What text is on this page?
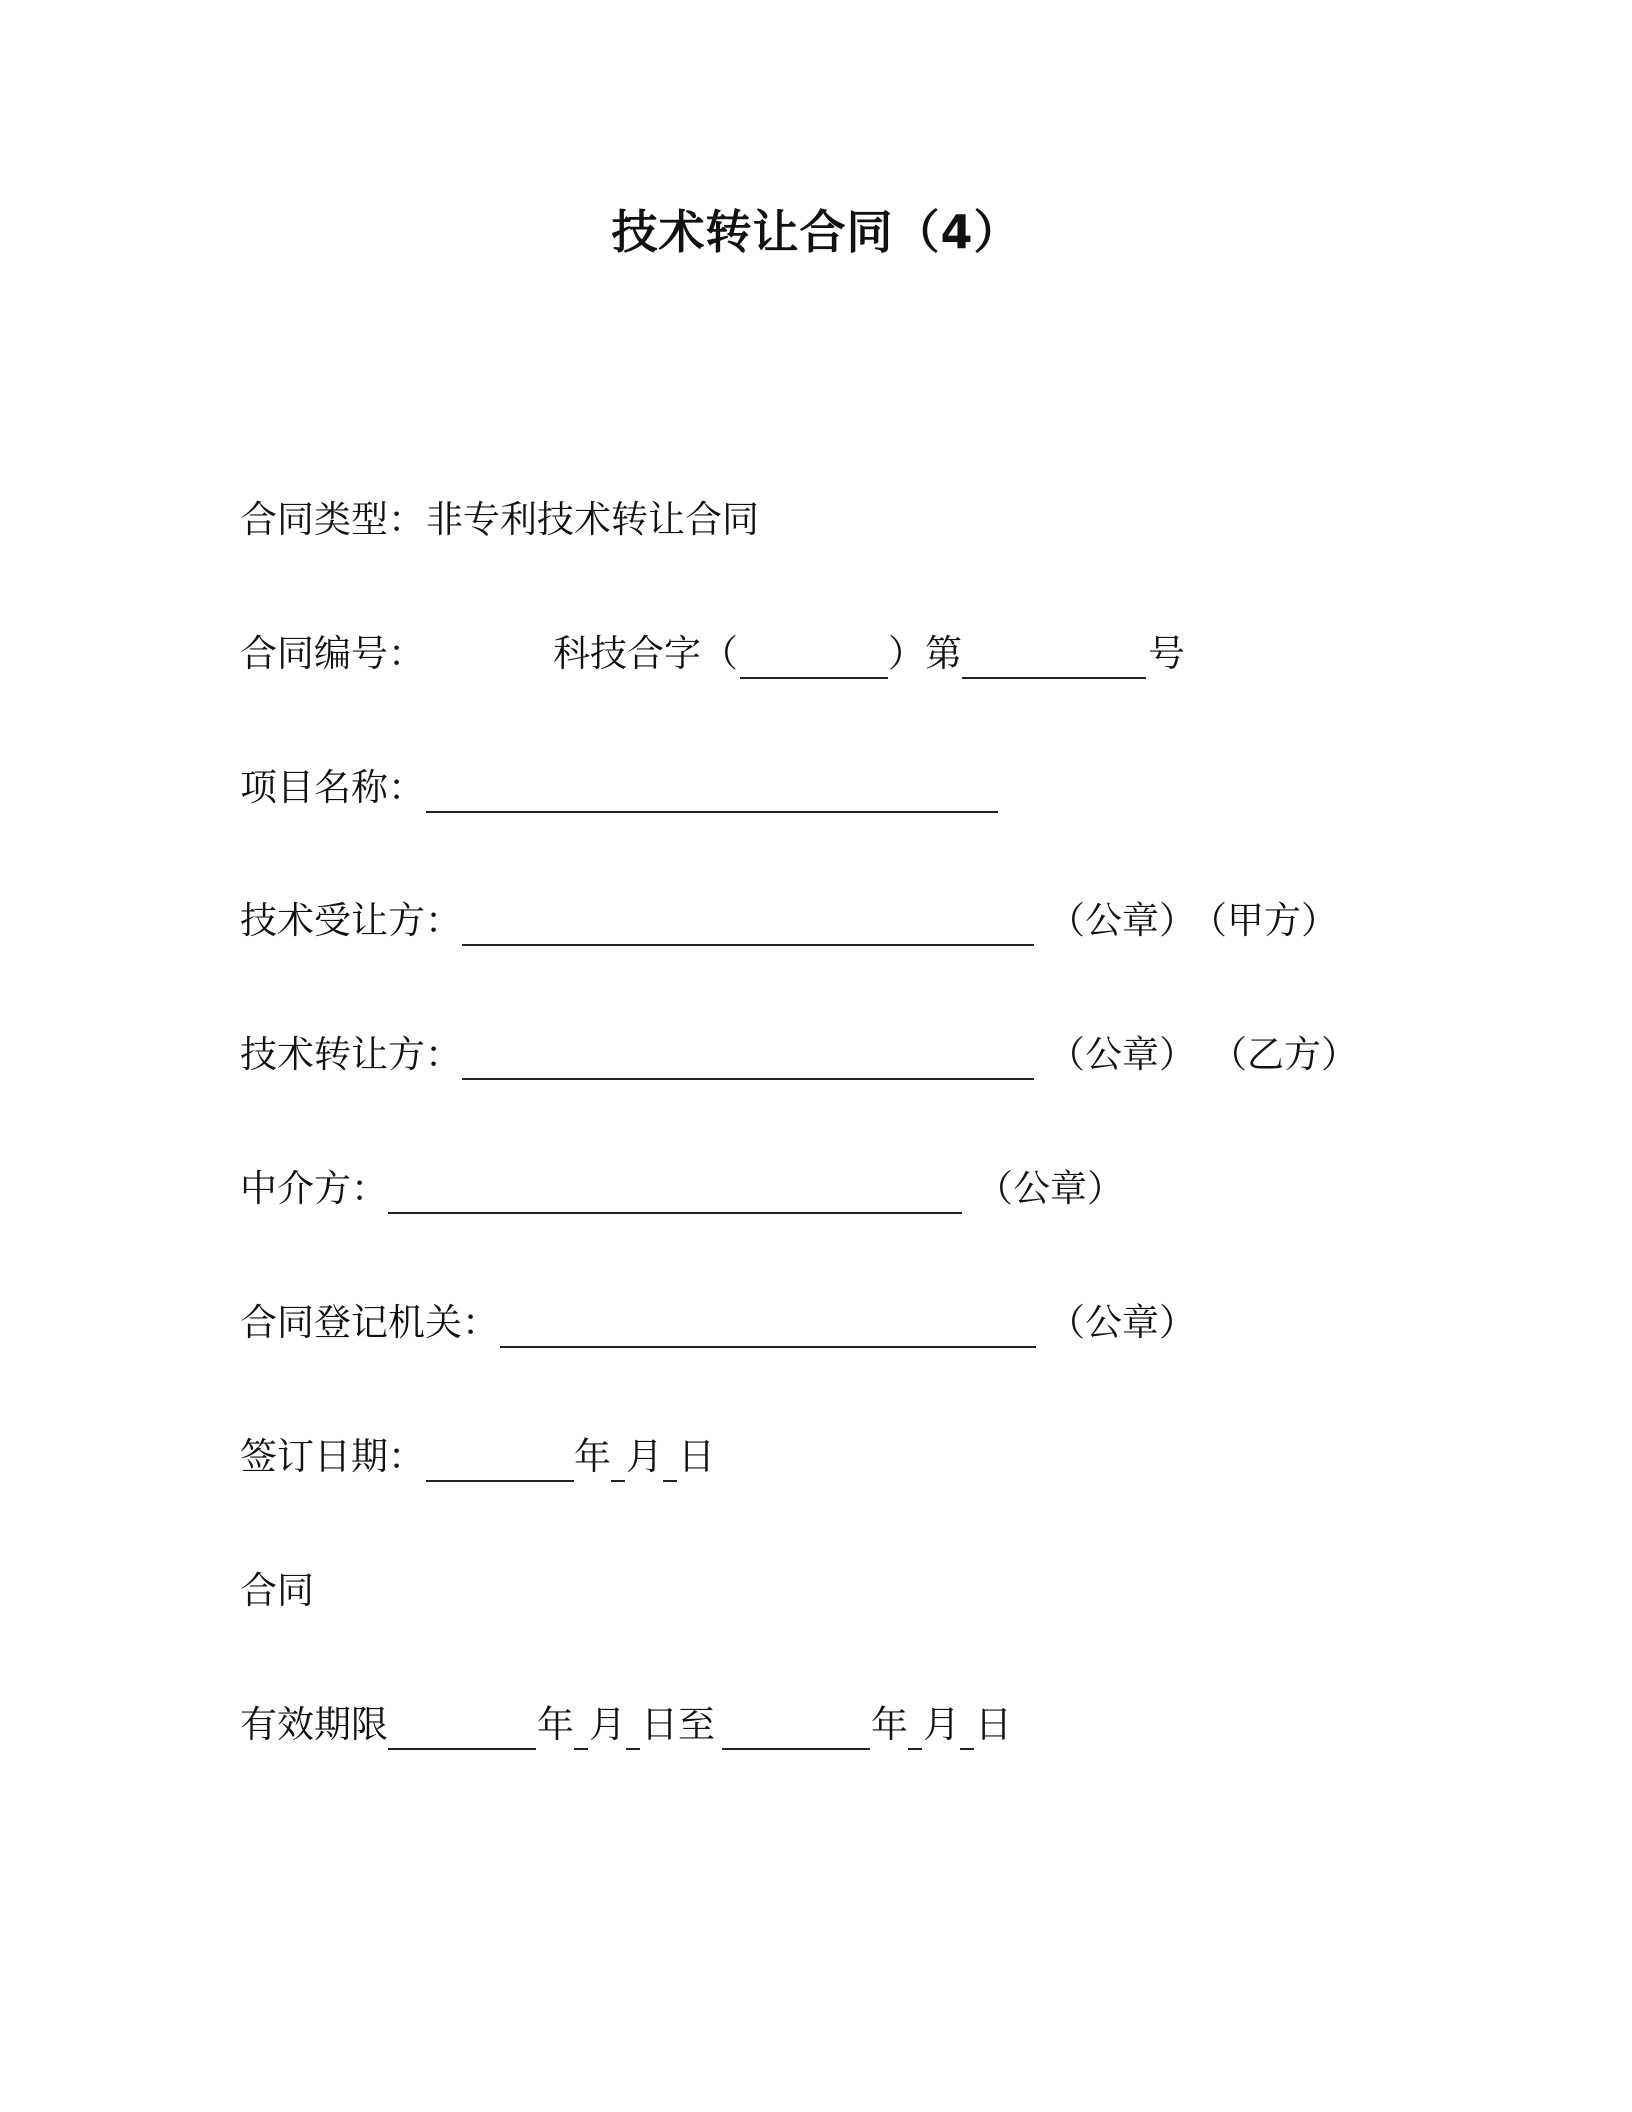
技术转让合同（4）
合同类型： 非专利技术转让合同
合同编号：	科技合字（	）第	号
项目名称：
技术受让方：	（公章）
（甲方）
技术转让方：	（公章） （乙方）
中介方：	（公章）
合同登记机关：	（公章）
签订日期：	年 月 日
合同
有效期限	年 月 日至	年 月 日
